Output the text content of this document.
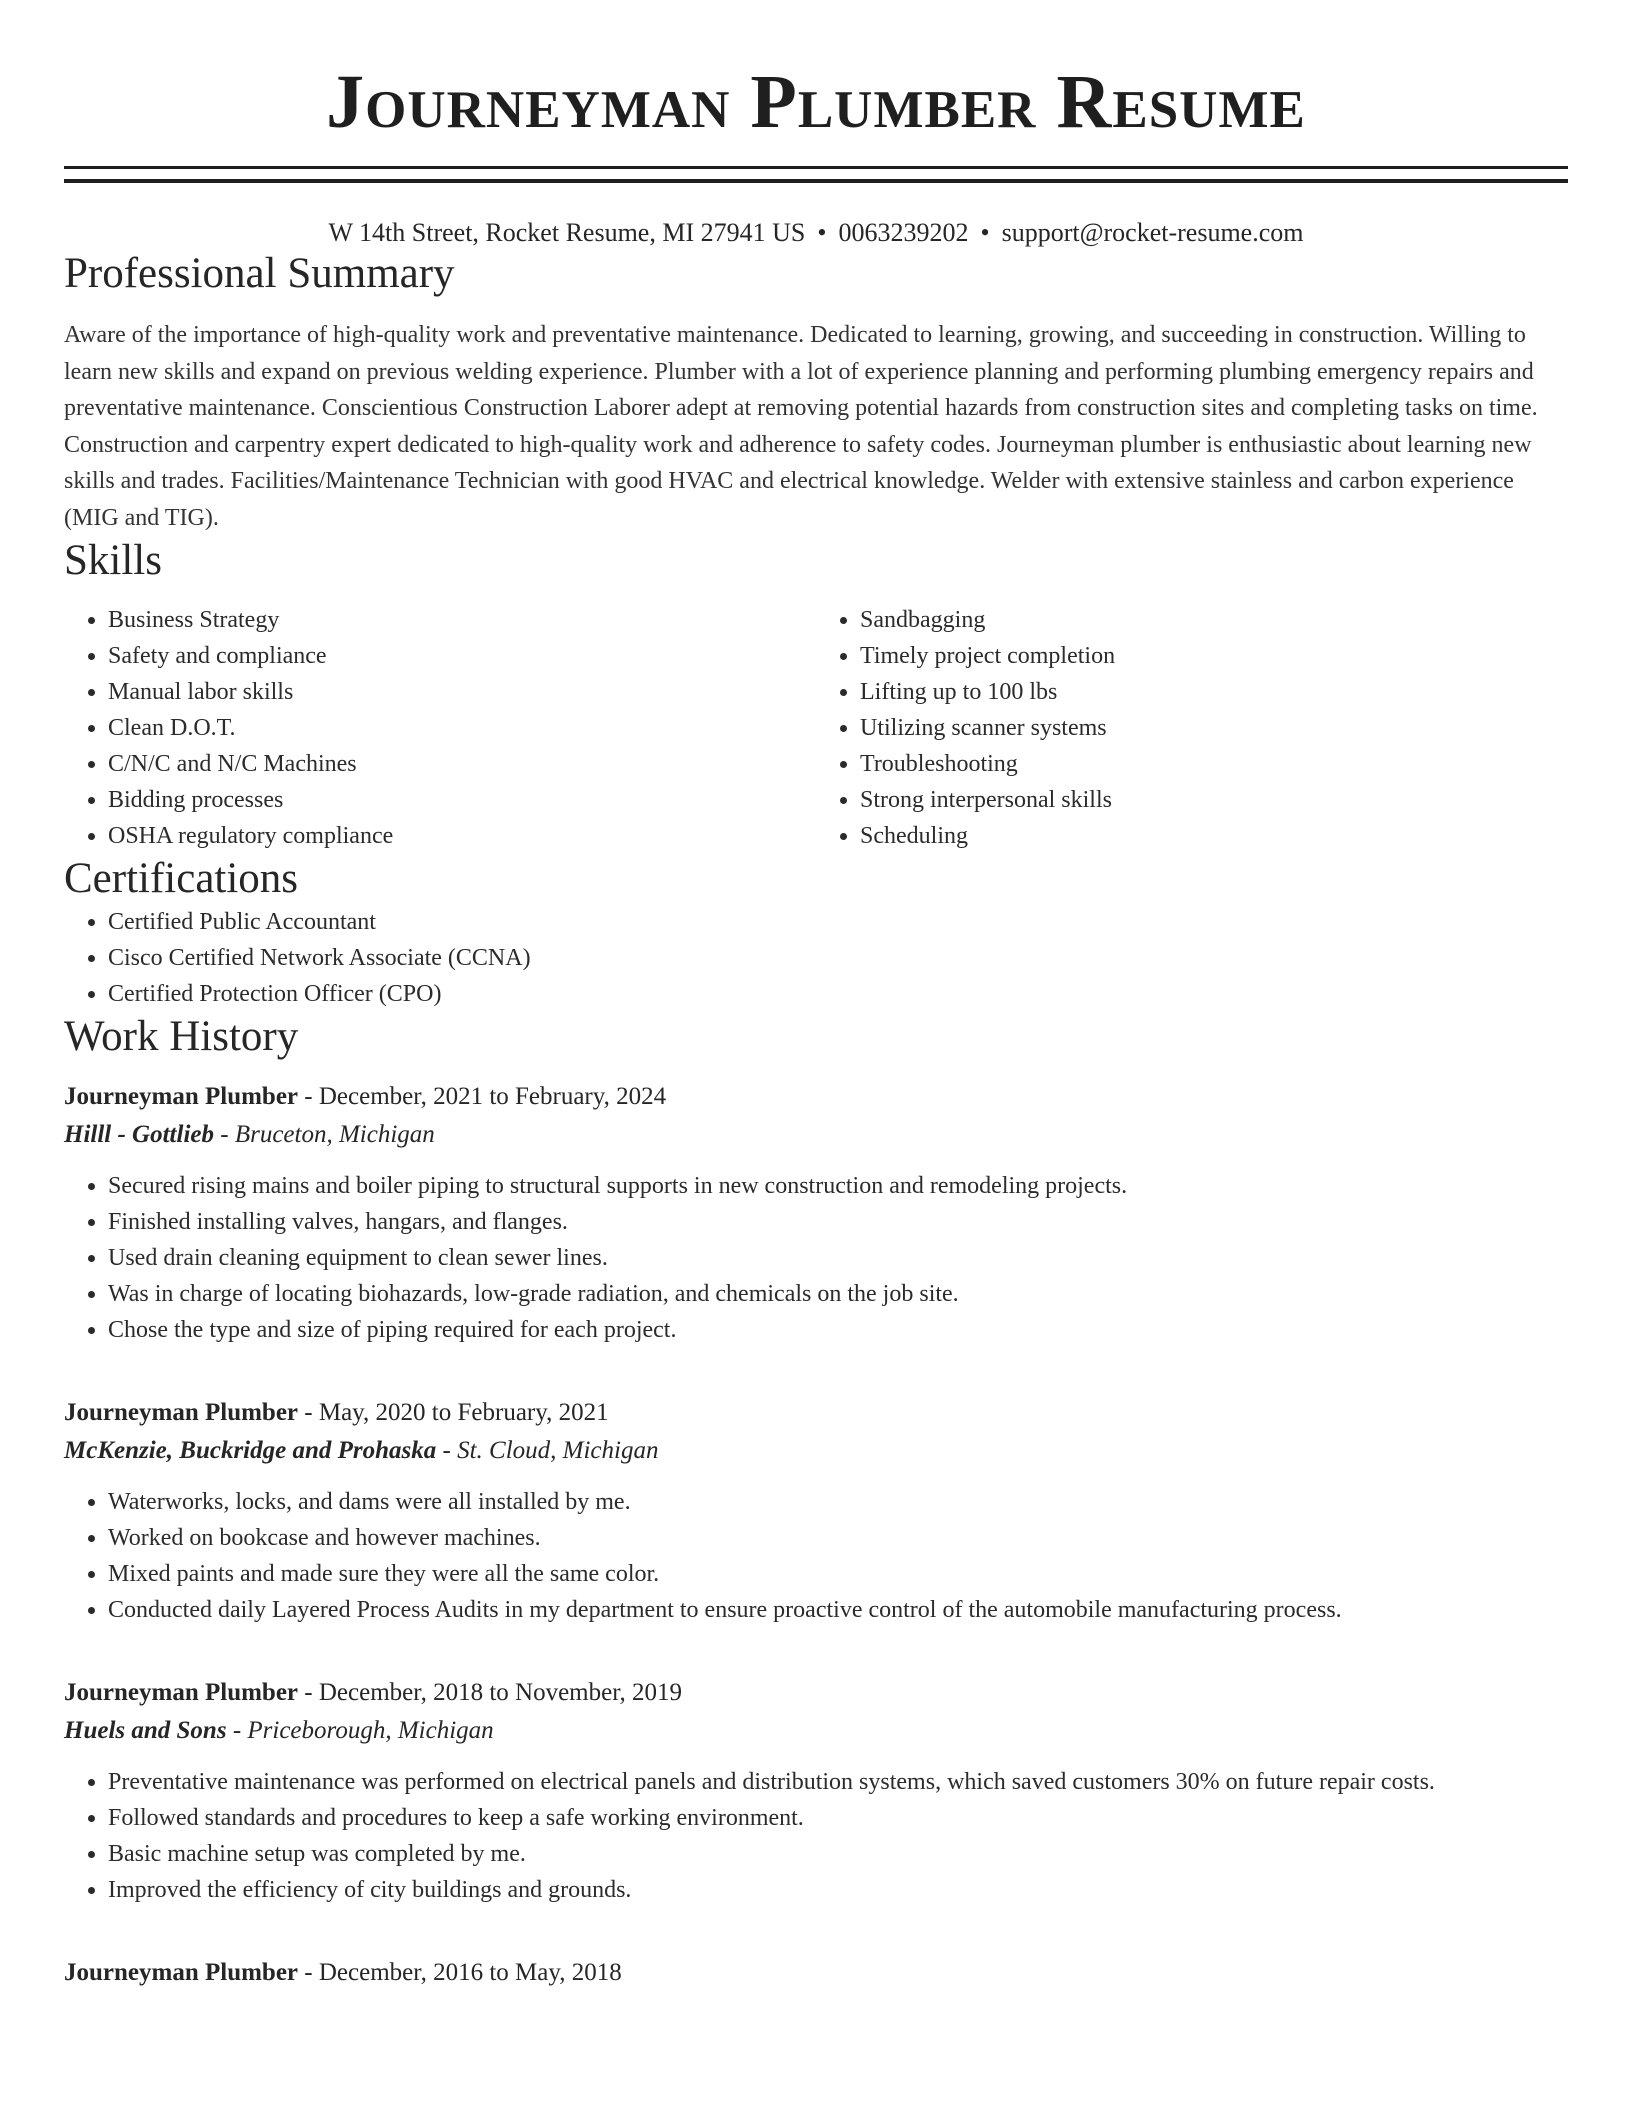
Journeyman Plumber Resume
W 14th Street, Rocket Resume, MI 27941 US • 0063239202 • support@rocket-resume.com
Professional Summary

Aware of the importance of high-quality work and preventative maintenance. Dedicated to learning, growing, and succeeding in construction. Willing to learn new skills and expand on previous welding experience. Plumber with a lot of experience planning and performing plumbing emergency repairs and preventative maintenance. Conscientious Construction Laborer adept at removing potential hazards from construction sites and completing tasks on time. Construction and carpentry expert dedicated to high-quality work and adherence to safety codes. Journeyman plumber is enthusiastic about learning new skills and trades. Facilities/Maintenance Technician with good HVAC and electrical knowledge. Welder with extensive stainless and carbon experience (MIG and TIG).

Skills
• Business Strategy
• Safety and compliance
• Manual labor skills
• Clean D.O.T.
• C/N/C and N/C Machines
• Bidding processes
• OSHA regulatory compliance
• Sandbagging
• Timely project completion
• Lifting up to 100 lbs
• Utilizing scanner systems
• Troubleshooting
• Strong interpersonal skills
• Scheduling
Certifications
• Certified Public Accountant
• Cisco Certified Network Associate (CCNA)
• Certified Protection Officer (CPO)
Work History
Journeyman Plumber - December, 2021 to February, 2024
Hilll - Gottlieb - Bruceton, Michigan
• Secured rising mains and boiler piping to structural supports in new construction and remodeling projects.
• Finished installing valves, hangars, and flanges.
• Used drain cleaning equipment to clean sewer lines.
• Was in charge of locating biohazards, low-grade radiation, and chemicals on the job site.
• Chose the type and size of piping required for each project.
Journeyman Plumber - May, 2020 to February, 2021
McKenzie, Buckridge and Prohaska - St. Cloud, Michigan
• Waterworks, locks, and dams were all installed by me.
• Worked on bookcase and however machines.
• Mixed paints and made sure they were all the same color.
• Conducted daily Layered Process Audits in my department to ensure proactive control of the automobile manufacturing process.
Journeyman Plumber - December, 2018 to November, 2019
Huels and Sons - Priceborough, Michigan
• Preventative maintenance was performed on electrical panels and distribution systems, which saved customers 30% on future repair costs.
• Followed standards and procedures to keep a safe working environment.
• Basic machine setup was completed by me.
• Improved the efficiency of city buildings and grounds.
Journeyman Plumber - December, 2016 to May, 2018
